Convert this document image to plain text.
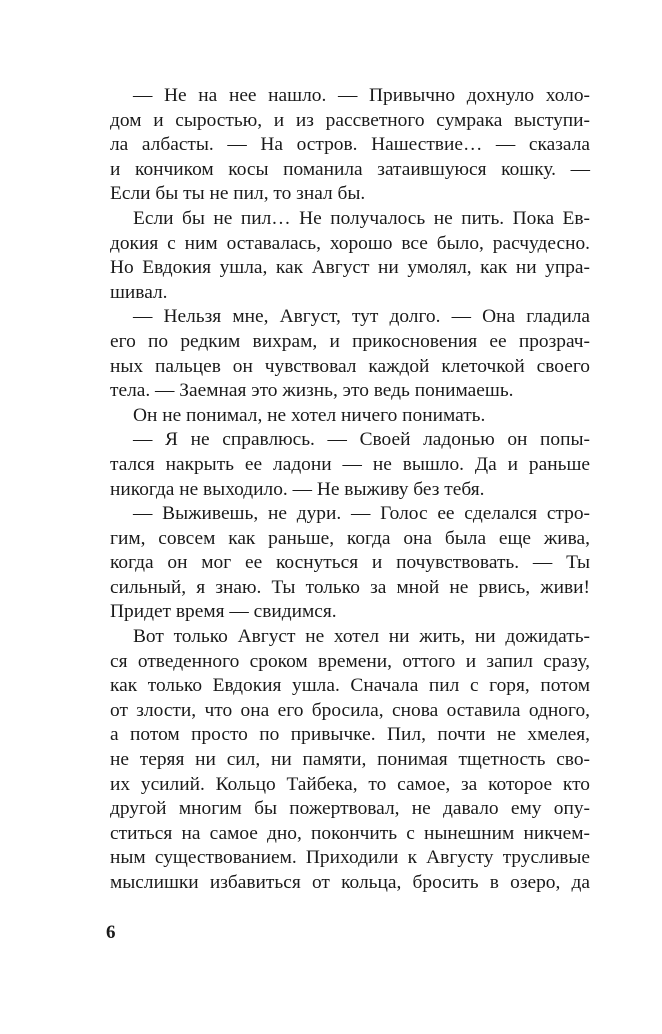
— Не на нее нашло. — Привычно дохнуло холо-
дом и сыростью, и из рассветного сумрака выступи-
ла албасты. — На остров. Нашествие… — сказала
и кончиком косы поманила затаившуюся кошку. —
Если бы ты не пил, то знал бы.
Если бы не пил… Не получалось не пить. Пока Ев-
докия с ним оставалась, хорошо все было, расчудесно.
Но Евдокия ушла, как Август ни умолял, как ни упра-
шивал.
— Нельзя мне, Август, тут долго. — Она гладила
его по редким вихрам, и прикосновения ее прозрач-
ных пальцев он чувствовал каждой клеточкой своего
тела. — Заемная это жизнь, это ведь понимаешь.
Он не понимал, не хотел ничего понимать.
— Я не справлюсь. — Своей ладонью он попы-
тался накрыть ее ладони — не вышло. Да и раньше
никогда не выходило. — Не выживу без тебя.
— Выживешь, не дури. — Голос ее сделался стро-
гим, совсем как раньше, когда она была еще жива,
когда он мог ее коснуться и почувствовать. — Ты
сильный, я знаю. Ты только за мной не рвись, живи!
Придет время — свидимся.
Вот только Август не хотел ни жить, ни дожидать-
ся отведенного сроком времени, оттого и запил сразу,
как только Евдокия ушла. Сначала пил с горя, потом
от злости, что она его бросила, снова оставила одного,
а потом просто по привычке. Пил, почти не хмелея,
не теряя ни сил, ни памяти, понимая тщетность сво-
их усилий. Кольцо Тайбека, то самое, за которое кто
другой многим бы пожертвовал, не давало ему опу-
ститься на самое дно, покончить с нынешним никчем-
ным существованием. Приходили к Августу трусливые
мыслишки избавиться от кольца, бросить в озеро, да
6
